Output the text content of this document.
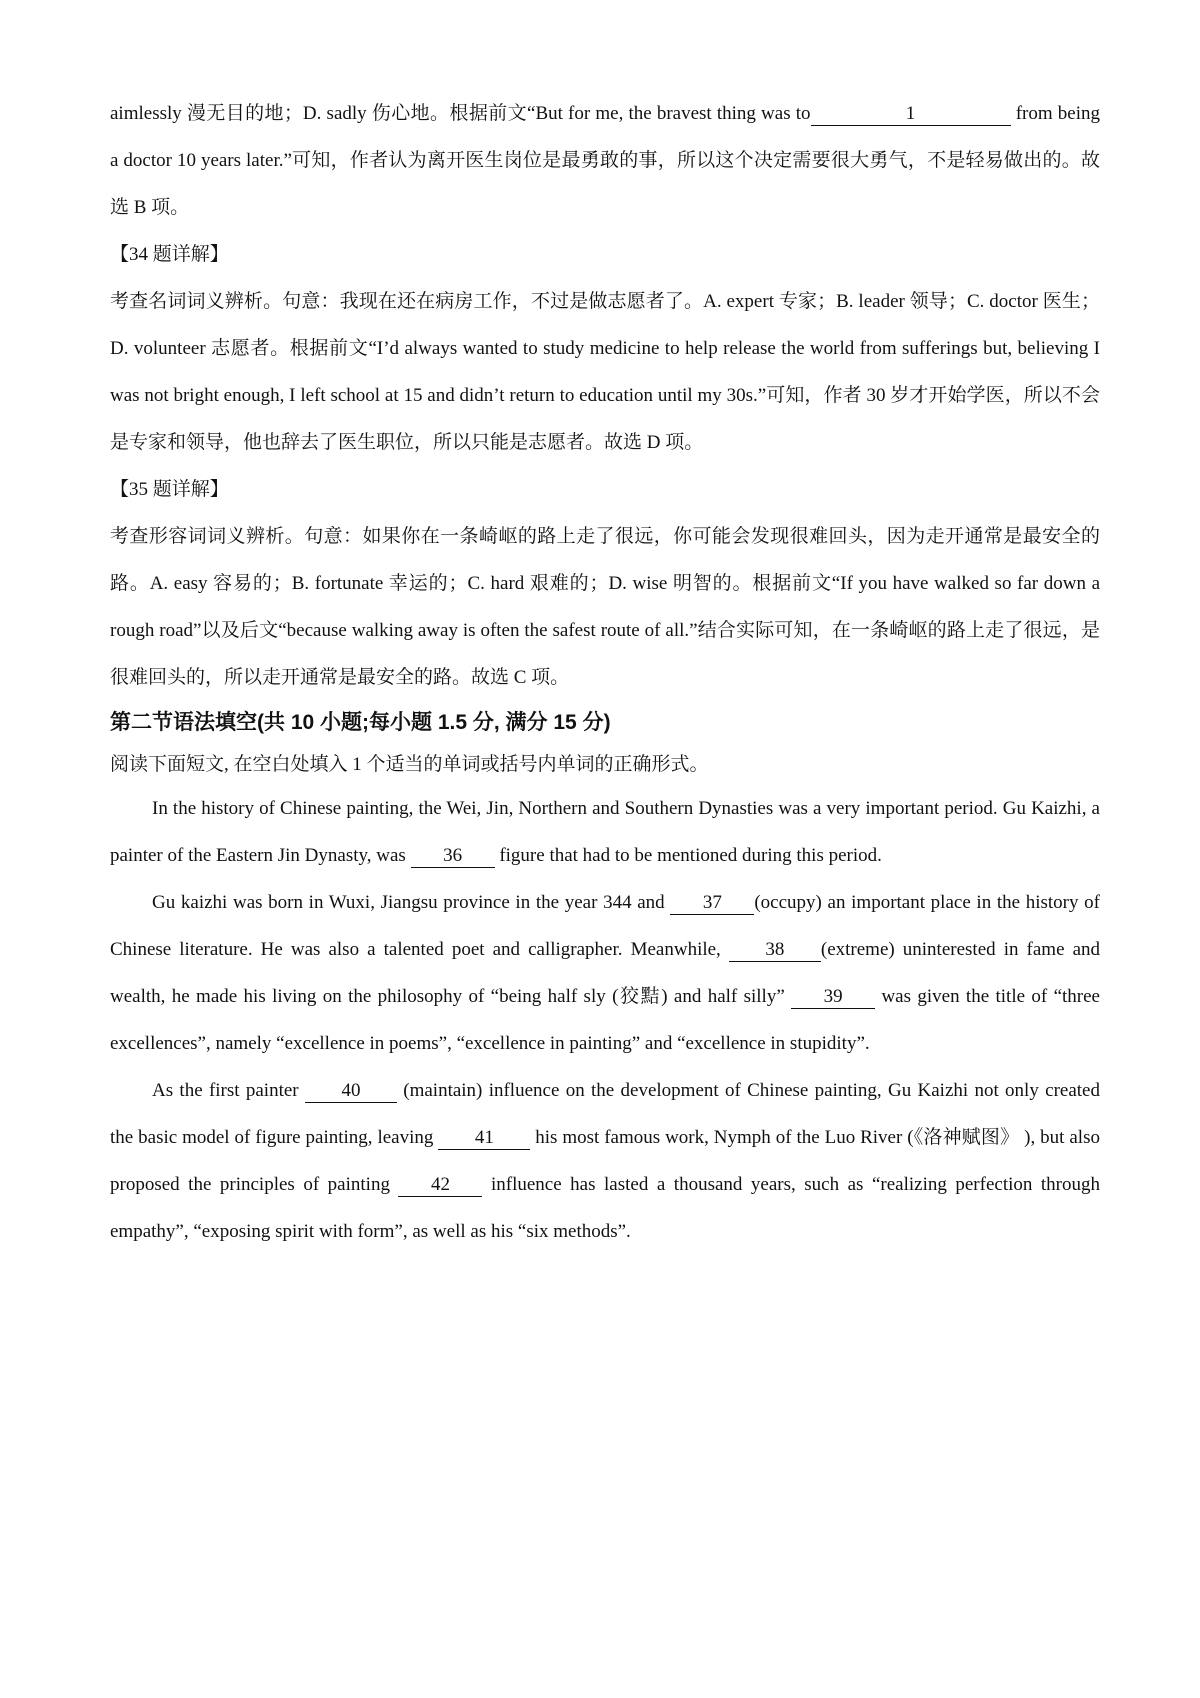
aimlessly 漫无目的地；D. sadly 伤心地。根据前文“But for me, the bravest thing was to	1	from being a doctor 10 years later.”可知，作者认为离开医生岗位是最勇敢的事，所以这个决定需要很大勇气，不是轻易做出的。故选 B 项。

【34 题详解】

考查名词词义辨析。句意：我现在还在病房工作，不过是做志愿者了。A. expert 专家；B. leader 领导；C. doctor 医生；D. volunteer 志愿者。根据前文“I’d always wanted to study medicine to help release the world from sufferings but, believing I was not bright enough, I left school at 15 and didn’t return to education until my 30s.”可知，作者 30 岁才开始学医，所以不会是专家和领导，他也辞去了医生职位，所以只能是志愿者。故选 D 项。

【35 题详解】

考查形容词词义辨析。句意：如果你在一条崎岖的路上走了很远，你可能会发现很难回头，因为走开通常是最安全的路。A. easy 容易的；B. fortunate 幸运的；C. hard 艰难的；D. wise 明智的。根据前文“If you have walked so far down a rough road”以及后文“because walking away is often the safest route of all.”结合实际可知，在一条崎岖的路上走了很远，是很难回头的，所以走开通常是最安全的路。故选 C 项。

第二节语法填空(共 10 小题;每小题 1.5 分, 满分 15 分)

阅读下面短文, 在空白处填入 1 个适当的单词或括号内单词的正确形式。

In the history of Chinese painting, the Wei, Jin, Northern and Southern Dynasties was a very important period. Gu Kaizhi, a painter of the Eastern Jin Dynasty, was 36 figure that had to be mentioned during this period.

Gu kaizhi was born in Wuxi, Jiangsu province in the year 344 and 37 (occupy) an important place in the history of Chinese literature. He was also a talented poet and calligrapher. Meanwhile, 38 (extreme) uninterested in fame and wealth, he made his living on the philosophy of “being half sly (狡黠) and half silly” 39 was given the title of “three excellences”, namely “excellence in poems”, “excellence in painting” and “excellence in stupidity”.

As the first painter 40 (maintain) influence on the development of Chinese painting, Gu Kaizhi not only created the basic model of figure painting, leaving 41 his most famous work, Nymph of the Luo River (《洛神赋图》 ), but also proposed the principles of painting 42 influence has lasted a thousand years, such as “realizing perfection through empathy”, “exposing spirit with form”, as well as his “six methods”.
